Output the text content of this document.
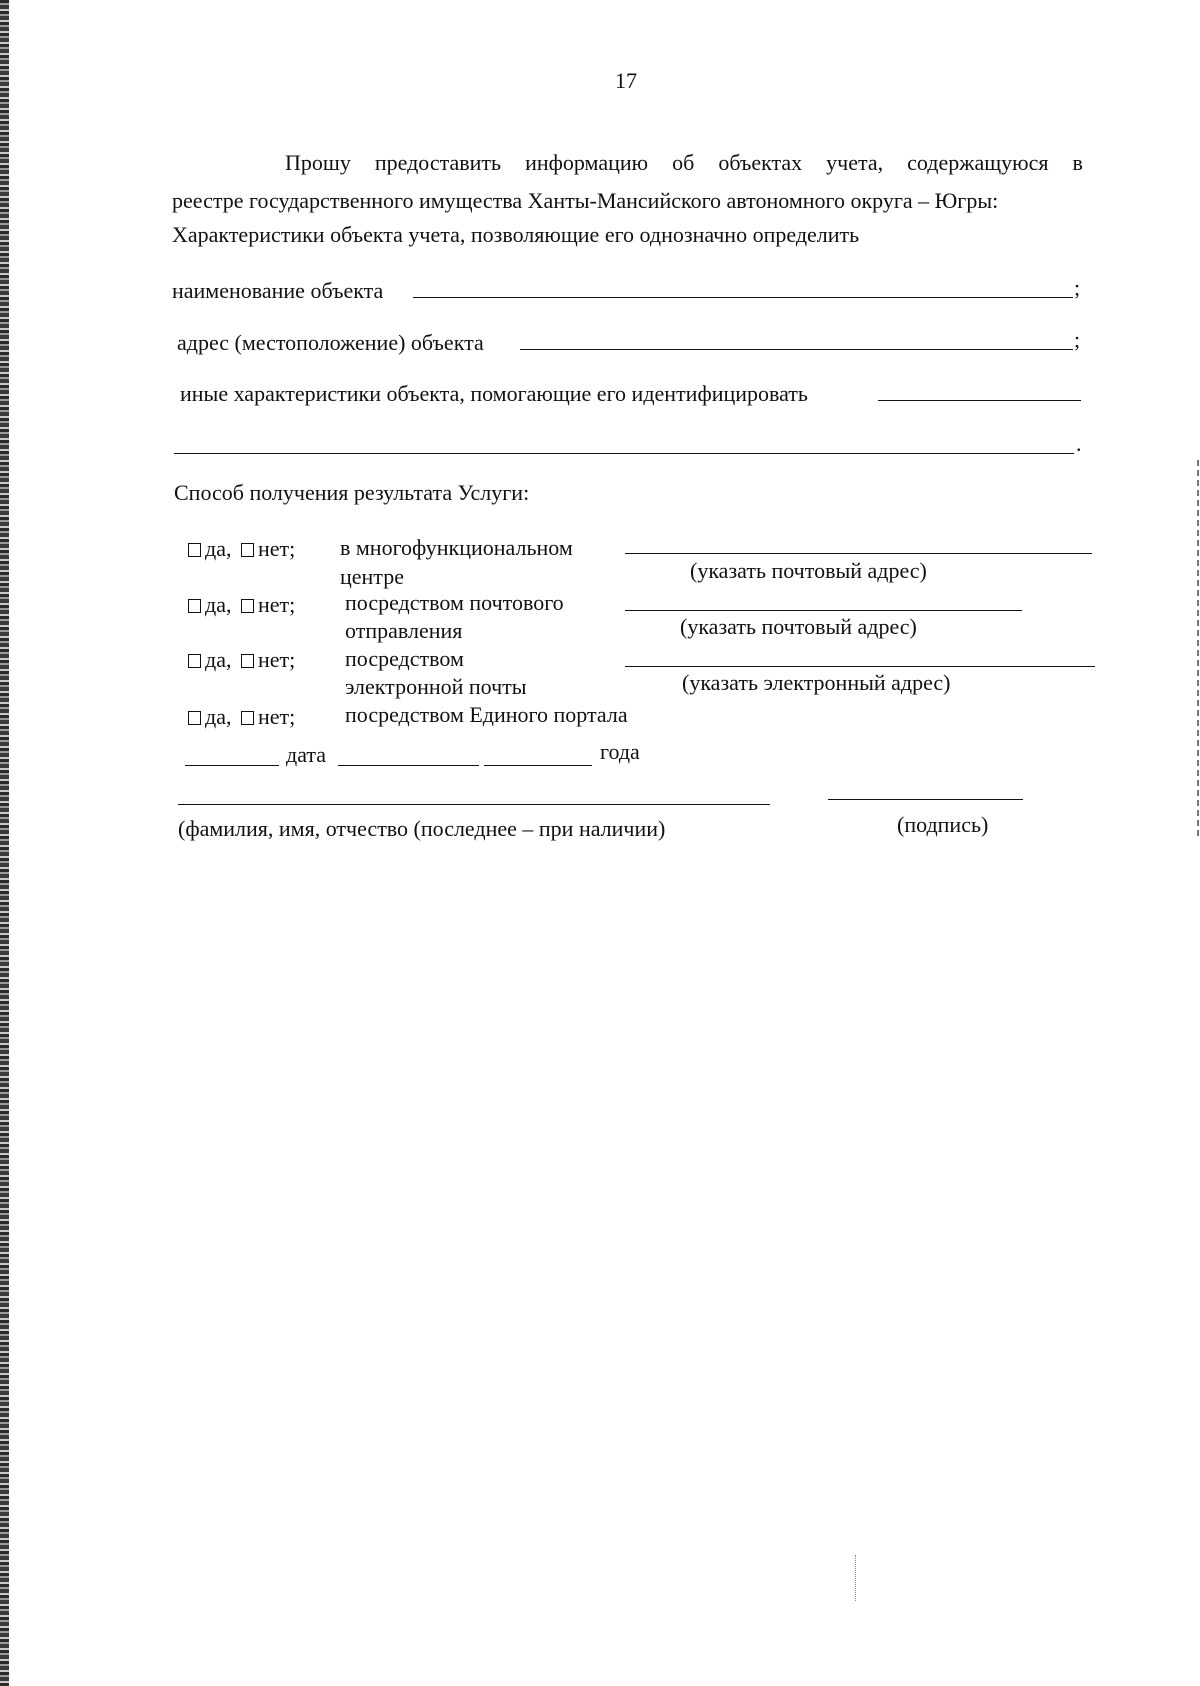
17
Прошу предоставить информацию об объектах учета, содержащуюся в
реестре государственного имущества Ханты-Мансийского автономного округа – Югры:
Характеристики объекта учета, позволяющие его однозначно определить
наименование объекта	;
адрес (местоположение) объекта	;
иные характеристики объекта, помогающие его идентифицировать
.
Способ получения результата Услуги:
да, нет; в многофункциональном
центре	(указать почтовый адрес)
да, нет; посредством почтового
отправления	(указать почтовый адрес)
да, нет; посредством
электронной почты	(указать электронный адрес)
да, нет; посредством Единого портала
дата	года
(фамилия, имя, отчество (последнее – при наличии)	(подпись)
